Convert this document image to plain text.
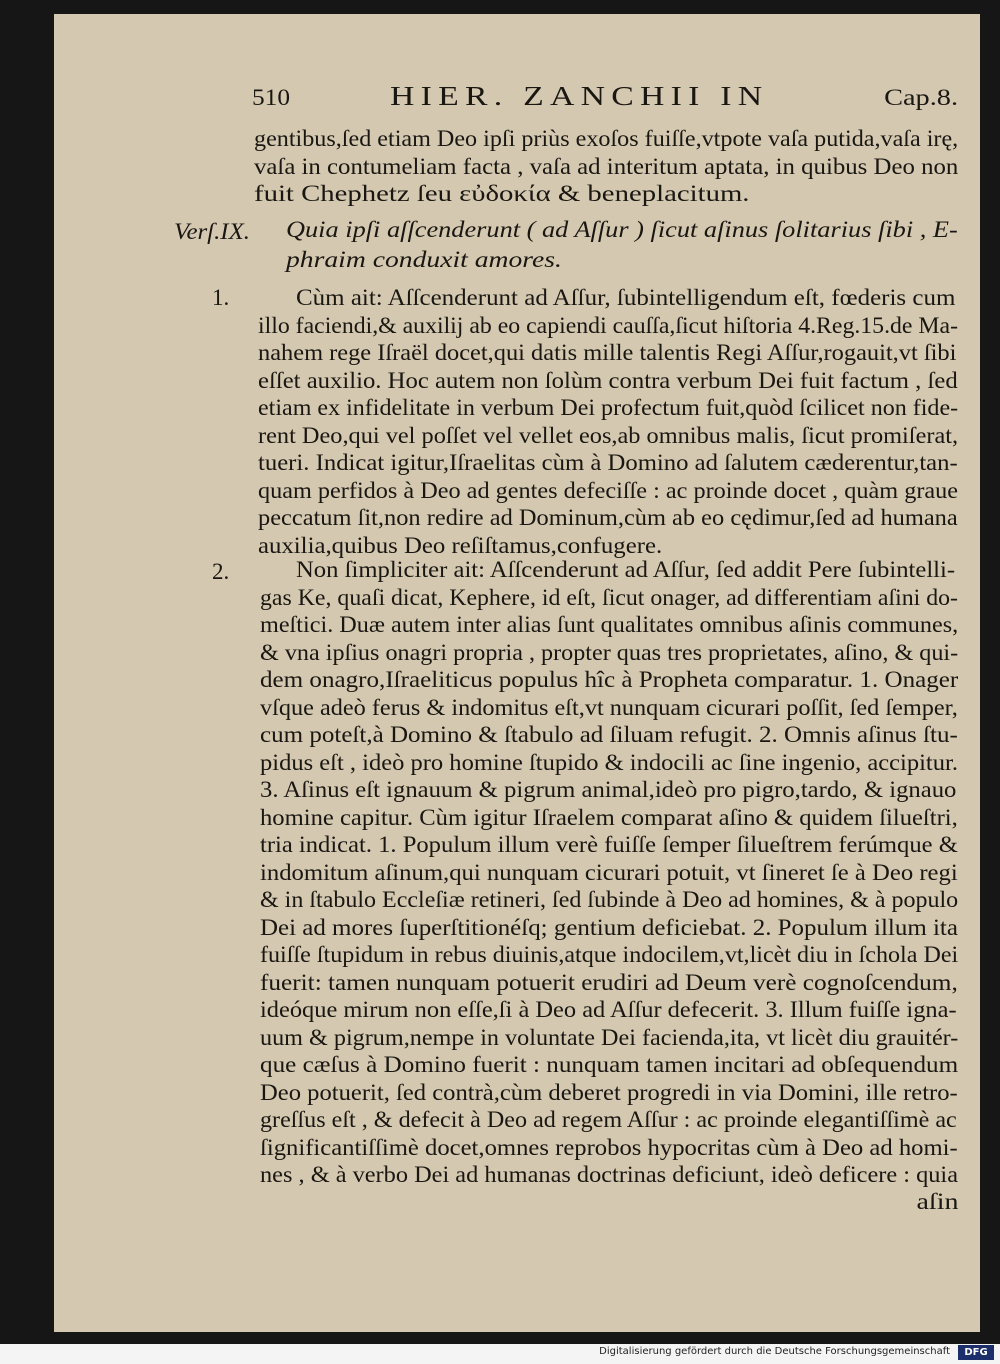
510	HIER. ZANCHII IN	Cap.8.
gentibus,ſed etiam Deo ipſi priùs exoſos fuiſſe,vtpote vaſa putida,vaſa irę,
vaſa in contumeliam facta , vaſa ad interitum aptata, in quibus Deo non
fuit Chephetz ſeu εὐδοκία & beneplacitum.
Verſ.IX. Quia ipſi aſſcenderunt ( ad Aſſur ) ſicut aſinus ſolitarius ſibi , E-
phraim conduxit amores.
1.	Cùm ait: Aſſcenderunt ad Aſſur, ſubintelligendum eſt, fœderis cum
illo faciendi,& auxilij ab eo capiendi cauſſa,ſicut hiſtoria 4.Reg.15.de Ma-
nahem rege Iſraël docet,qui datis mille talentis Regi Aſſur,rogauit,vt ſibi
eſſet auxilio. Hoc autem non ſolùm contra verbum Dei fuit factum , ſed
etiam ex infidelitate in verbum Dei profectum fuit,quòd ſcilicet non fide-
rent Deo,qui vel poſſet vel vellet eos,ab omnibus malis, ſicut promiſerat,
tueri. Indicat igitur,Iſraelitas cùm à Domino ad ſalutem cæderentur,tan-
quam perfidos à Deo ad gentes defeciſſe : ac proinde docet , quàm graue
peccatum ſit,non redire ad Dominum,cùm ab eo cędimur,ſed ad humana
auxilia,quibus Deo reſiſtamus,confugere.
2.	Non ſimpliciter ait: Aſſcenderunt ad Aſſur, ſed addit Pere ſubintelli-
gas Ke, quaſi dicat, Kephere, id eſt, ſicut onager, ad differentiam aſini do-
meſtici. Duæ autem inter alias ſunt qualitates omnibus aſinis communes,
& vna ipſius onagri propria , propter quas tres proprietates, aſino, & qui-
dem onagro,Iſraeliticus populus hîc à Propheta comparatur. 1. Onager
vſque adeò ferus & indomitus eſt,vt nunquam cicurari poſſit, ſed ſemper,
cum poteſt,à Domino & ſtabulo ad ſiluam refugit. 2. Omnis aſinus ſtu-
pidus eſt , ideò pro homine ſtupido & indocili ac ſine ingenio, accipitur.
3. Aſinus eſt ignauum & pigrum animal,ideò pro pigro,tardo, & ignauo
homine capitur. Cùm igitur Iſraelem comparat aſino & quidem ſilueſtri,
tria indicat. 1. Populum illum verè fuiſſe ſemper ſilueſtrem ferúmque &
indomitum aſinum,qui nunquam cicurari potuit, vt ſineret ſe à Deo regi
& in ſtabulo Eccleſiæ retineri, ſed ſubinde à Deo ad homines, & à populo
Dei ad mores ſuperſtitionéſq; gentium deficiebat. 2. Populum illum ita
fuiſſe ſtupidum in rebus diuinis,atque indocilem,vt,licèt diu in ſchola Dei
fuerit: tamen nunquam potuerit erudiri ad Deum verè cognoſcendum,
ideóque mirum non eſſe,ſi à Deo ad Aſſur defecerit. 3. Illum fuiſſe igna-
uum & pigrum,nempe in voluntate Dei facienda,ita, vt licèt diu grauitér-
que cæſus à Domino fuerit : nunquam tamen incitari ad obſequendum
Deo potuerit, ſed contrà,cùm deberet progredi in via Domini, ille retro-
greſſus eſt , & defecit à Deo ad regem Aſſur : ac proinde elegantiſſimè ac
ſignificantiſſimè docet,omnes reprobos hypocritas cùm à Deo ad homi-
nes , & à verbo Dei ad humanas doctrinas deficiunt, ideò deficere : quia
aſin
Digitalisierung gefördert durch die Deutsche Forschungsgemeinschaft	DFG
